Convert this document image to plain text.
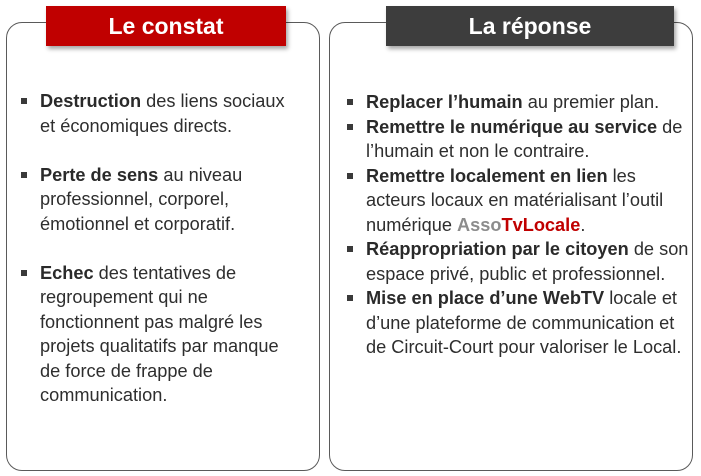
Le constat	La réponse
Destruction des liens sociaux et économiques directs.
Perte de sens au niveau professionnel, corporel, émotionnel et corporatif.
Echec des tentatives de regroupement qui ne fonctionnent pas malgré les projets qualitatifs par manque de force de frappe de communication.
Replacer l’humain au premier plan.
Remettre le numérique au service de l’humain et non le contraire.
Remettre localement en lien les acteurs locaux en matérialisant l’outil numérique AssoTvLocale.
Réappropriation par le citoyen de son espace privé, public et professionnel.
Mise en place d’une WebTV locale et d’une plateforme de communication et de Circuit-Court pour valoriser le Local.
